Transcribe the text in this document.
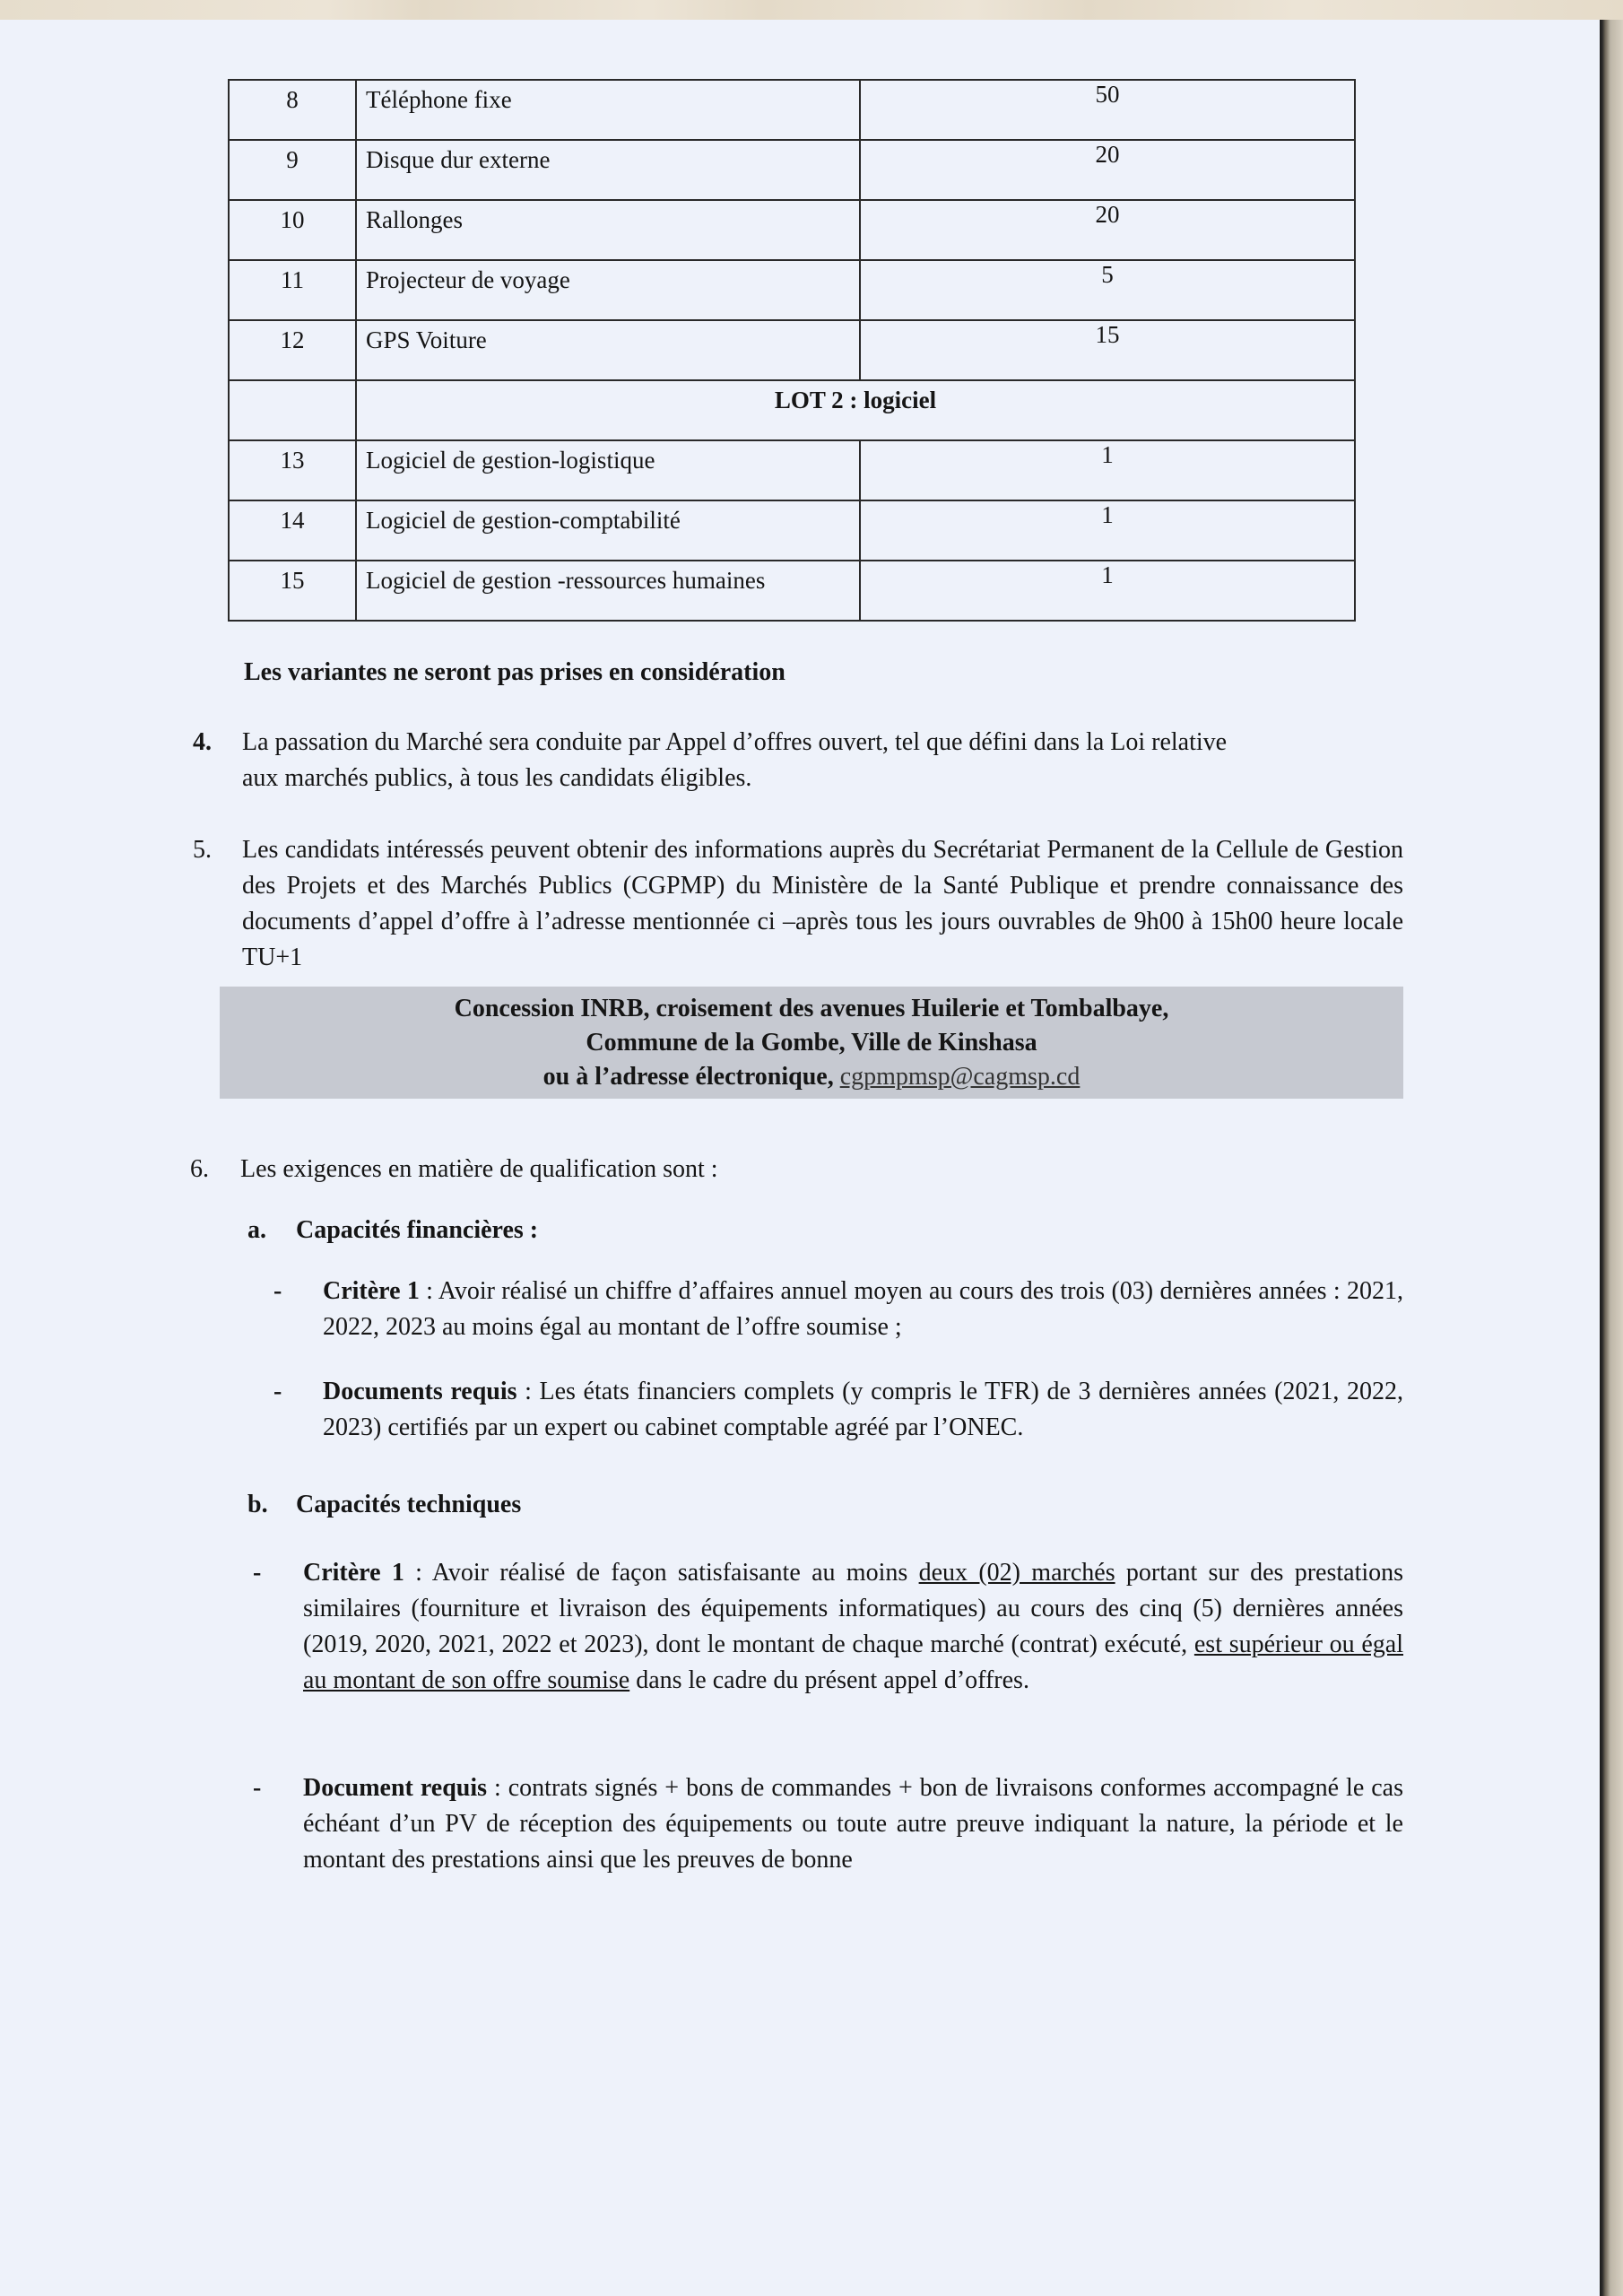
8	Téléphone fixe	50
9	Disque dur externe	20
10	Rallonges	20
11	Projecteur de voyage	5
12	GPS Voiture	15
	LOT 2 : logiciel	
13	Logiciel de gestion-logistique	1
14	Logiciel de gestion-comptabilité	1
15	Logiciel de gestion -ressources humaines	1
Les variantes ne seront pas prises en considération
4. La passation du Marché sera conduite par Appel d’offres ouvert, tel que défini dans la Loi relative
aux marchés publics, à tous les candidats éligibles.
5. Les candidats intéressés peuvent obtenir des informations auprès du Secrétariat Permanent de la Cellule de Gestion des Projets et des Marchés Publics (CGPMP) du Ministère de la Santé Publique et prendre connaissance des documents d’appel d’offre à l’adresse mentionnée ci –après tous les jours ouvrables de 9h00 à 15h00 heure locale TU+1
Concession INRB, croisement des avenues Huilerie et Tombalbaye,
Commune de la Gombe, Ville de Kinshasa
ou à l’adresse électronique, cgpmpmsp@cagmsp.cd
6. Les exigences en matière de qualification sont :
a. Capacités financières :
- Critère 1 : Avoir réalisé un chiffre d’affaires annuel moyen au cours des trois (03) dernières années : 2021, 2022, 2023 au moins égal au montant de l’offre soumise ;
- Documents requis : Les états financiers complets (y compris le TFR) de 3 dernières années (2021, 2022, 2023) certifiés par un expert ou cabinet comptable agréé par l’ONEC.
b. Capacités techniques
- Critère 1 : Avoir réalisé de façon satisfaisante au moins deux (02) marchés portant sur des prestations similaires (fourniture et livraison des équipements informatiques) au cours des cinq (5) dernières années (2019, 2020, 2021, 2022 et 2023), dont le montant de chaque marché (contrat) exécuté, est supérieur ou égal au montant de son offre soumise dans le cadre du présent appel d’offres.
- Document requis : contrats signés + bons de commandes + bon de livraisons conformes accompagné le cas échéant d’un PV de réception des équipements ou toute autre preuve indiquant la nature, la période et le montant des prestations ainsi que les preuves de bonne
